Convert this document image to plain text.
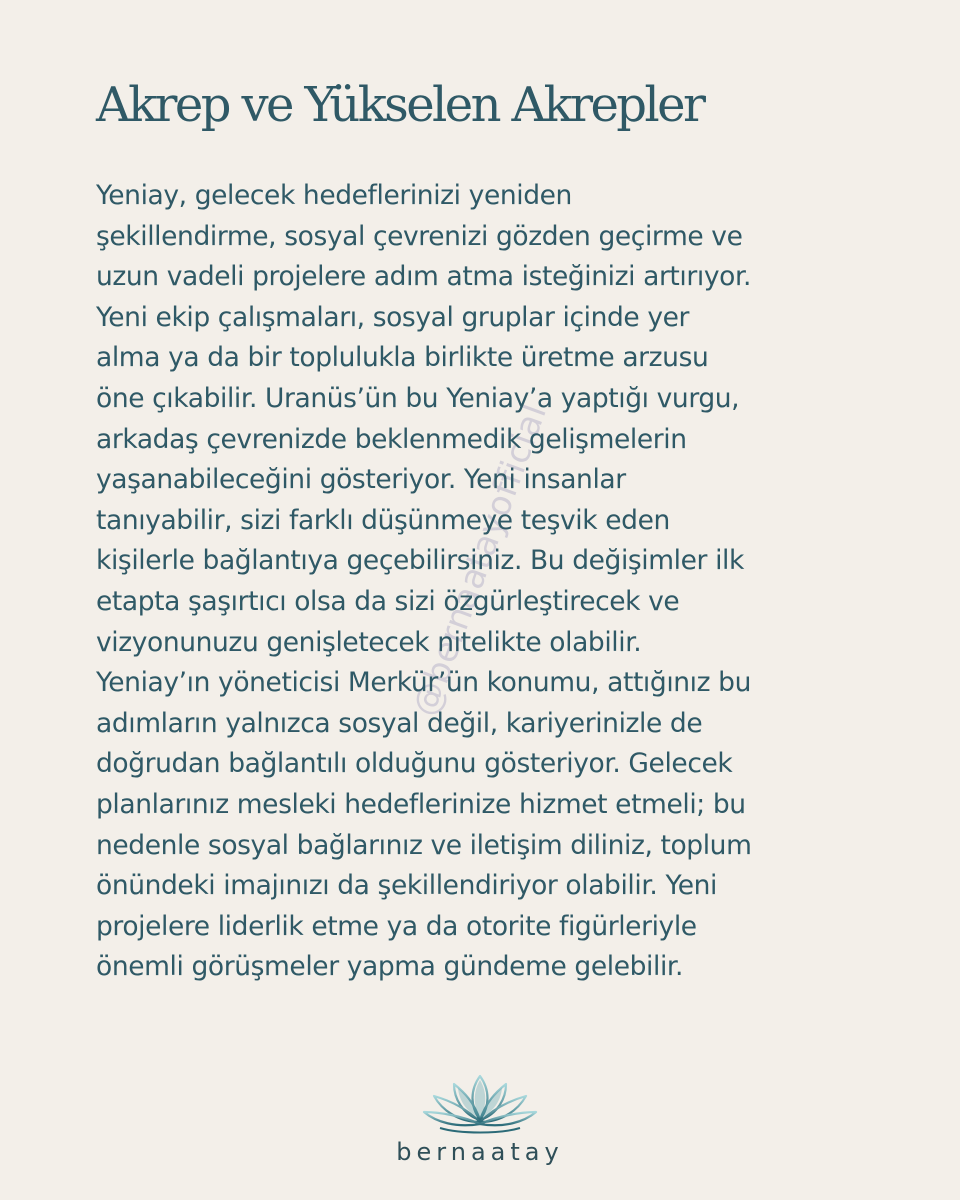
Akrep ve Yükselen Akrepler
@bernaatayofficial
Yeniay, gelecek hedeflerinizi yeniden
şekillendirme, sosyal çevrenizi gözden geçirme ve
uzun vadeli projelere adım atma isteğinizi artırıyor.
Yeni ekip çalışmaları, sosyal gruplar içinde yer
alma ya da bir toplulukla birlikte üretme arzusu
öne çıkabilir. Uranüs’ün bu Yeniay’a yaptığı vurgu,
arkadaş çevrenizde beklenmedik gelişmelerin
yaşanabileceğini gösteriyor. Yeni insanlar
tanıyabilir, sizi farklı düşünmeye teşvik eden
kişilerle bağlantıya geçebilirsiniz. Bu değişimler ilk
etapta şaşırtıcı olsa da sizi özgürleştirecek ve
vizyonunuzu genişletecek nitelikte olabilir.
Yeniay’ın yöneticisi Merkür’ün konumu, attığınız bu
adımların yalnızca sosyal değil, kariyerinizle de
doğrudan bağlantılı olduğunu gösteriyor. Gelecek
planlarınız mesleki hedeflerinize hizmet etmeli; bu
nedenle sosyal bağlarınız ve iletişim diliniz, toplum
önündeki imajınızı da şekillendiriyor olabilir. Yeni
projelere liderlik etme ya da otorite figürleriyle
önemli görüşmeler yapma gündeme gelebilir.
bernaatay
